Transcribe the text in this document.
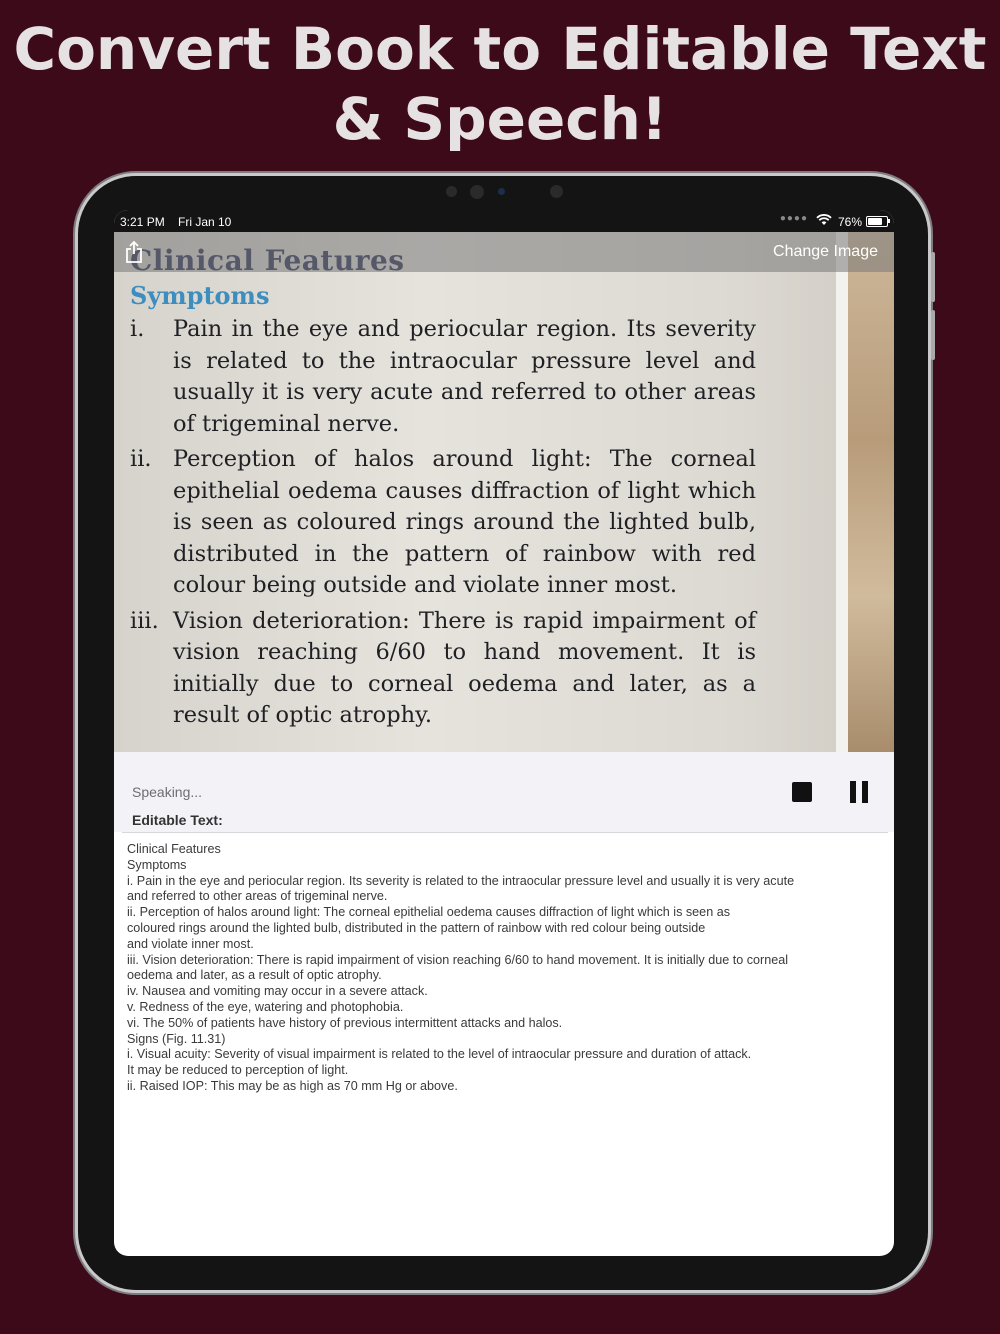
Convert Book to Editable Text
& Speech!
3:21 PM Fri Jan 10	●●●● 76%
Symptoms
i. Pain in the eye and periocular region. Its severity is related to the intraocular pressure level and usually it is very acute and referred to other areas of trigeminal nerve.
ii. Perception of halos around light: The corneal epithelial oedema causes diffraction of light which is seen as coloured rings around the lighted bulb, distributed in the pattern of rainbow with red colour being outside and violate inner most.
iii. Vision deterioration: There is rapid impairment of vision reaching 6/60 to hand movement. It is initially due to corneal oedema and later, as a result of optic atrophy.
Change Image
Speaking...
Editable Text:
Clinical Features
Symptoms
i. Pain in the eye and periocular region. Its severity is related to the intraocular pressure level and usually it is very acute
and referred to other areas of trigeminal nerve.
ii. Perception of halos around light: The corneal epithelial oedema causes diffraction of light which is seen as
coloured rings around the lighted bulb, distributed in the pattern of rainbow with red colour being outside
and violate inner most.
iii. Vision deterioration: There is rapid impairment of vision reaching 6/60 to hand movement. It is initially due to corneal
oedema and later, as a result of optic atrophy.
iv. Nausea and vomiting may occur in a severe attack.
v. Redness of the eye, watering and photophobia.
vi. The 50% of patients have history of previous intermittent attacks and halos.
Signs (Fig. 11.31)
i. Visual acuity: Severity of visual impairment is related to the level of intraocular pressure and duration of attack.
It may be reduced to perception of light.
ii. Raised IOP: This may be as high as 70 mm Hg or above.
